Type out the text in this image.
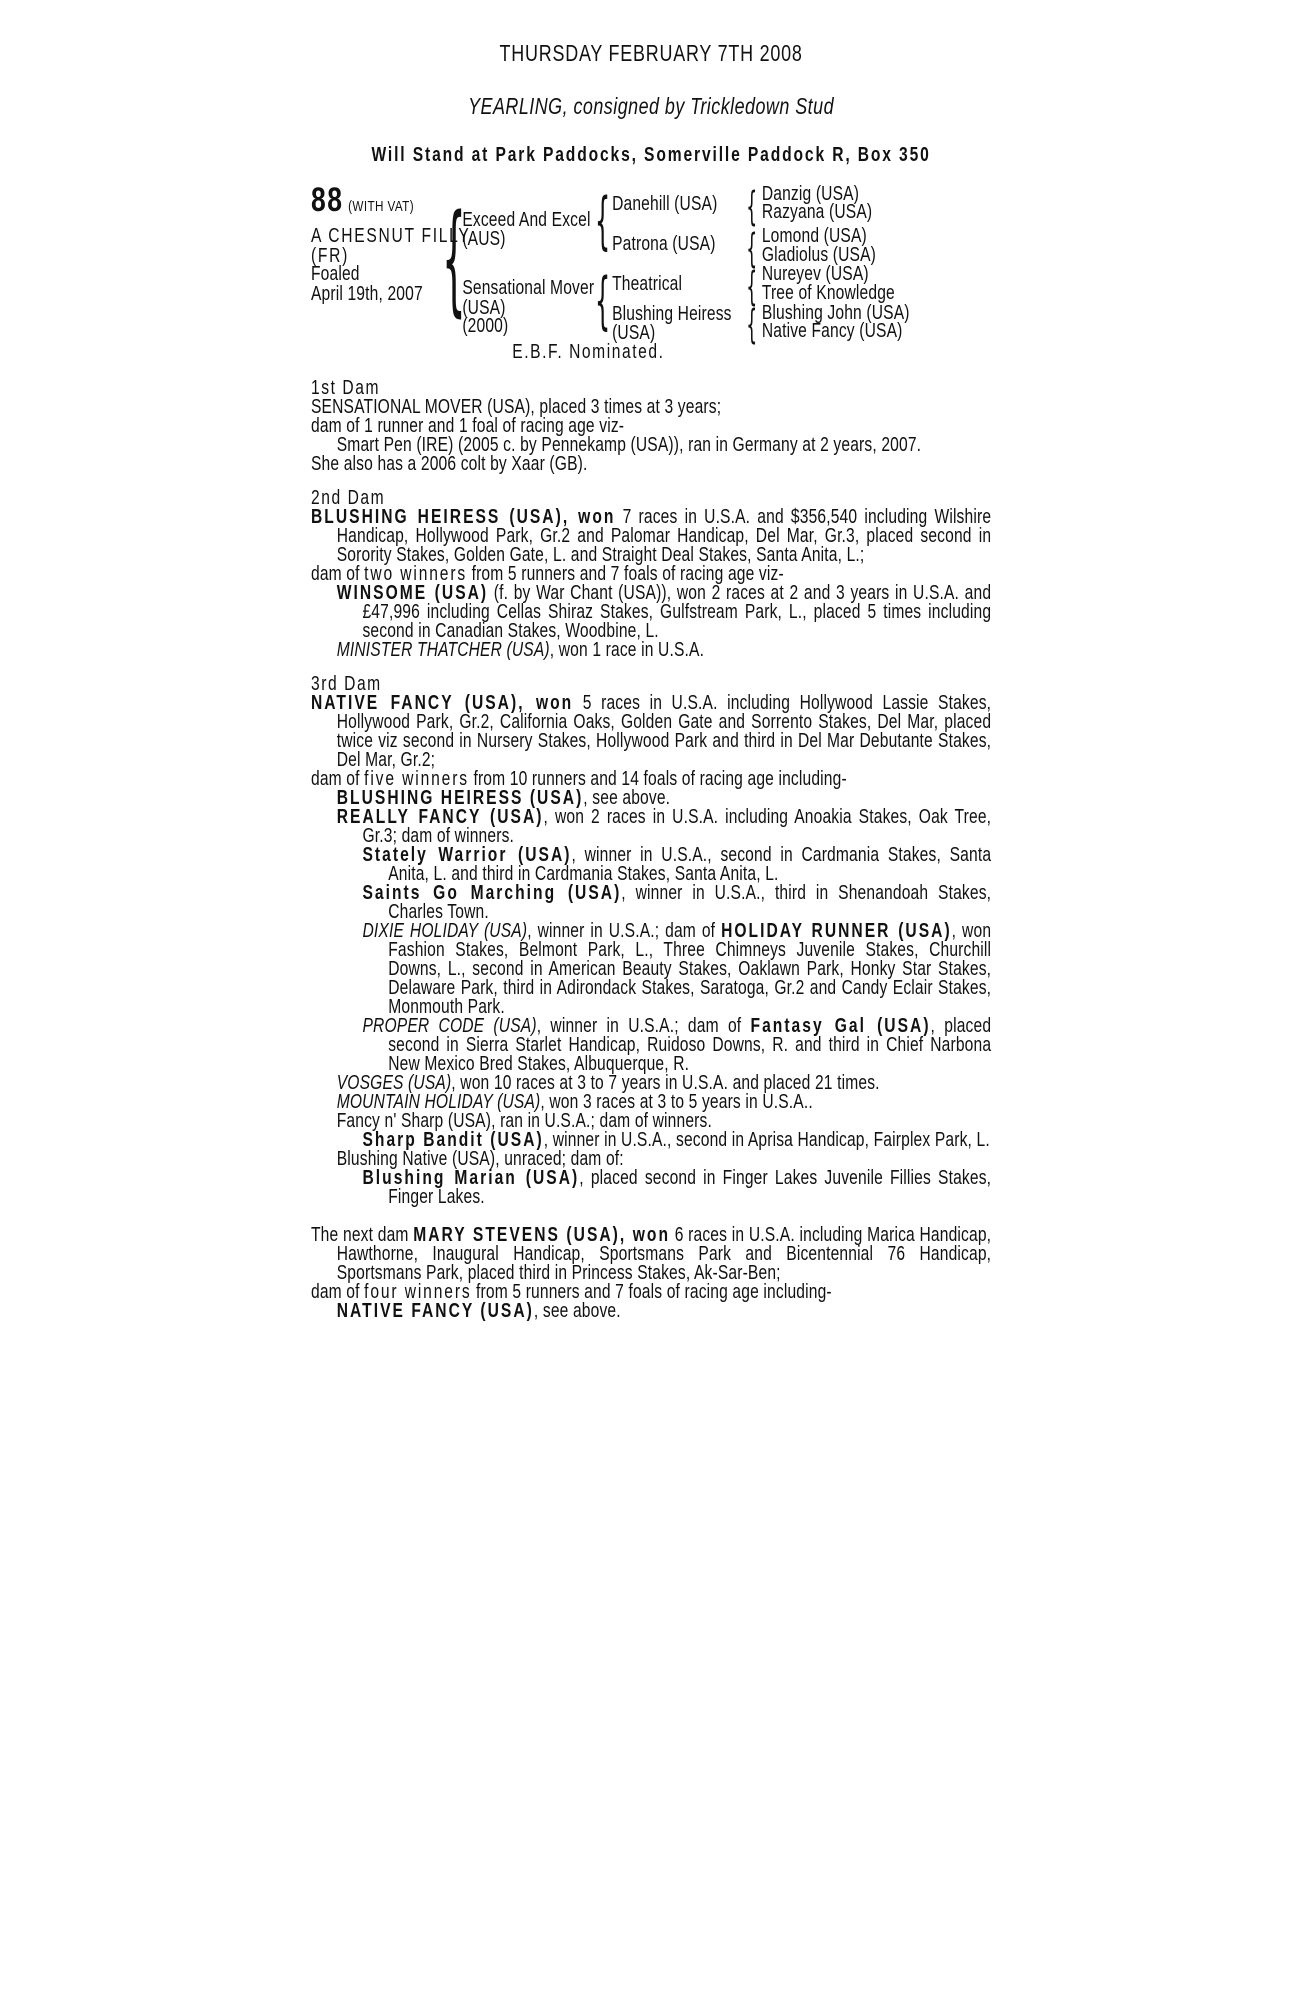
THURSDAY FEBRUARY 7TH 2008
YEARLING, consigned by Trickledown Stud
Will Stand at Park Paddocks, Somerville Paddock R, Box 350
88 (WITH VAT)
A CHESNUT FILLY
(FR)
Foaled
April 19th, 2007 {
Exceed And Excel
(AUS)
Sensational Mover
(USA)
(2000)
{ Danehill (USA)
Patrona (USA)
{ Theatrical
Blushing Heiress
(USA)
{ Danzig (USA)
Razyana (USA)
{ Lomond (USA)
Gladiolus (USA)
{ Nureyev (USA)
Tree of Knowledge
{ Blushing John (USA)
Native Fancy (USA)
E.B.F. Nominated.
1st Dam
SENSATIONAL MOVER (USA), placed 3 times at 3 years;
dam of 1 runner and 1 foal of racing age viz-
Smart Pen (IRE) (2005 c. by Pennekamp (USA)), ran in Germany at 2 years, 2007.
She also has a 2006 colt by Xaar (GB).
2nd Dam
BLUSHING HEIRESS (USA), won 7 races in U.S.A. and $356,540 including Wilshire Handicap, Hollywood Park, Gr.2 and Palomar Handicap, Del Mar, Gr.3, placed second in Sorority Stakes, Golden Gate, L. and Straight Deal Stakes, Santa Anita, L.;
dam of two winners from 5 runners and 7 foals of racing age viz-
WINSOME (USA) (f. by War Chant (USA)), won 2 races at 2 and 3 years in U.S.A. and £47,996 including Cellas Shiraz Stakes, Gulfstream Park, L., placed 5 times including second in Canadian Stakes, Woodbine, L.
MINISTER THATCHER (USA), won 1 race in U.S.A.
3rd Dam
NATIVE FANCY (USA), won 5 races in U.S.A. including Hollywood Lassie Stakes, Hollywood Park, Gr.2, California Oaks, Golden Gate and Sorrento Stakes, Del Mar, placed twice viz second in Nursery Stakes, Hollywood Park and third in Del Mar Debutante Stakes, Del Mar, Gr.2;
dam of five winners from 10 runners and 14 foals of racing age including-
BLUSHING HEIRESS (USA), see above.
REALLY FANCY (USA), won 2 races in U.S.A. including Anoakia Stakes, Oak Tree, Gr.3; dam of winners.
Stately Warrior (USA), winner in U.S.A., second in Cardmania Stakes, Santa Anita, L. and third in Cardmania Stakes, Santa Anita, L.
Saints Go Marching (USA), winner in U.S.A., third in Shenandoah Stakes, Charles Town.
DIXIE HOLIDAY (USA), winner in U.S.A.; dam of HOLIDAY RUNNER (USA), won Fashion Stakes, Belmont Park, L., Three Chimneys Juvenile Stakes, Churchill Downs, L., second in American Beauty Stakes, Oaklawn Park, Honky Star Stakes, Delaware Park, third in Adirondack Stakes, Saratoga, Gr.2 and Candy Eclair Stakes, Monmouth Park.
PROPER CODE (USA), winner in U.S.A.; dam of Fantasy Gal (USA), placed second in Sierra Starlet Handicap, Ruidoso Downs, R. and third in Chief Narbona New Mexico Bred Stakes, Albuquerque, R.
VOSGES (USA), won 10 races at 3 to 7 years in U.S.A. and placed 21 times.
MOUNTAIN HOLIDAY (USA), won 3 races at 3 to 5 years in U.S.A..
Fancy n' Sharp (USA), ran in U.S.A.; dam of winners.
Sharp Bandit (USA), winner in U.S.A., second in Aprisa Handicap, Fairplex Park, L.
Blushing Native (USA), unraced; dam of:
Blushing Marian (USA), placed second in Finger Lakes Juvenile Fillies Stakes, Finger Lakes.
The next dam MARY STEVENS (USA), won 6 races in U.S.A. including Marica Handicap, Hawthorne, Inaugural Handicap, Sportsmans Park and Bicentennial 76 Handicap, Sportsmans Park, placed third in Princess Stakes, Ak-Sar-Ben;
dam of four winners from 5 runners and 7 foals of racing age including-
NATIVE FANCY (USA), see above.
